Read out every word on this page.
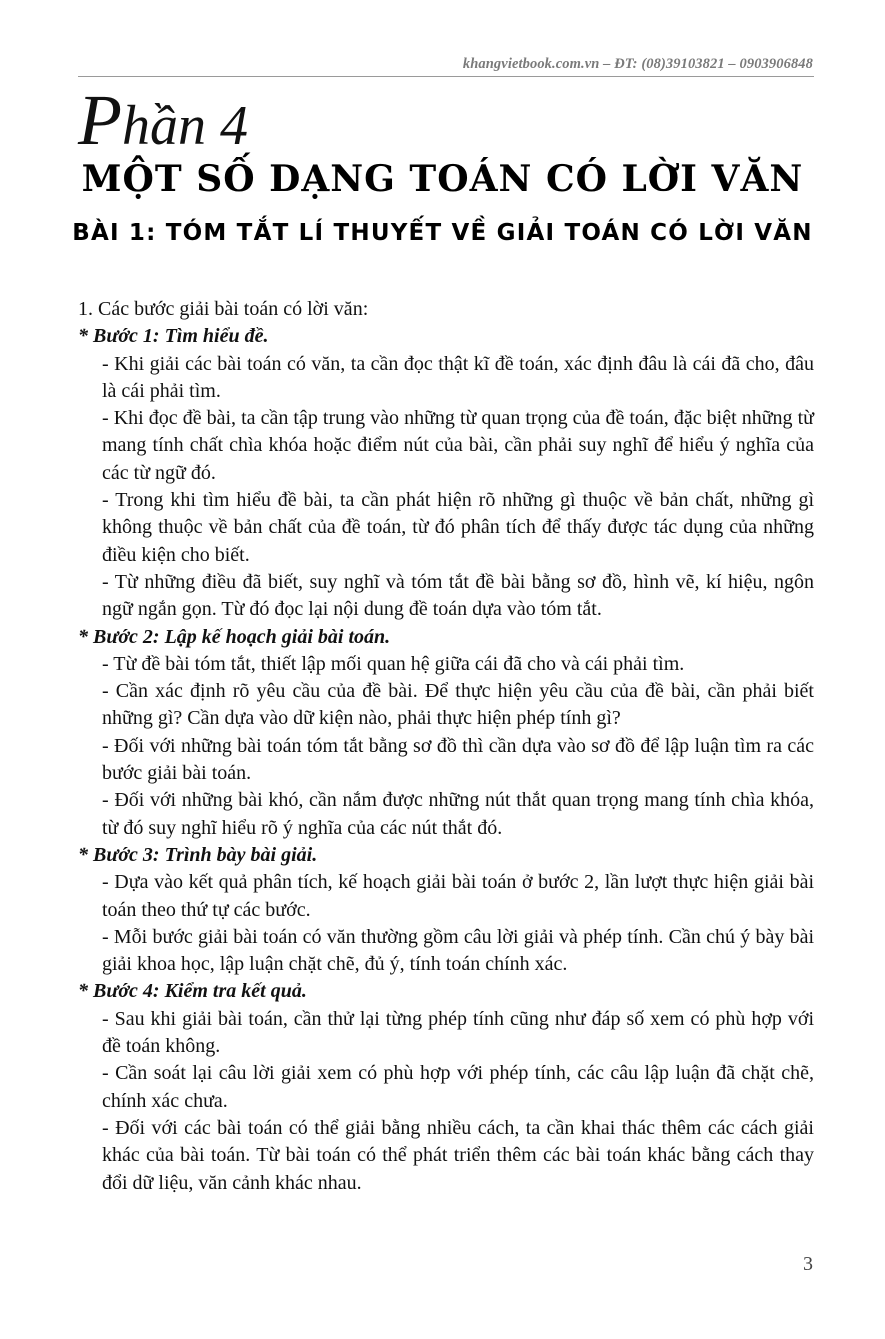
khangvietbook.com.vn – ĐT: (08)39103821 – 0903906848
Phần 4
MỘT SỐ DẠNG TOÁN CÓ LỜI VĂN
BÀI 1: TÓM TẮT LÍ THUYẾT VỀ GIẢI TOÁN CÓ LỜI VĂN

1. Các bước giải bài toán có lời văn:

* Bước 1: Tìm hiểu đề.

- Khi giải các bài toán có văn, ta cần đọc thật kĩ đề toán, xác định đâu là cái đã cho, đâu là cái phải tìm.

- Khi đọc đề bài, ta cần tập trung vào những từ quan trọng của đề toán, đặc biệt những từ mang tính chất chìa khóa hoặc điểm nút của bài, cần phải suy nghĩ để hiểu ý nghĩa của các từ ngữ đó.

- Trong khi tìm hiểu đề bài, ta cần phát hiện rõ những gì thuộc về bản chất, những gì không thuộc về bản chất của đề toán, từ đó phân tích để thấy được tác dụng của những điều kiện cho biết.

- Từ những điều đã biết, suy nghĩ và tóm tắt đề bài bằng sơ đồ, hình vẽ, kí hiệu, ngôn ngữ ngắn gọn. Từ đó đọc lại nội dung đề toán dựa vào tóm tắt.

* Bước 2: Lập kế hoạch giải bài toán.

- Từ đề bài tóm tắt, thiết lập mối quan hệ giữa cái đã cho và cái phải tìm.

- Cần xác định rõ yêu cầu của đề bài. Để thực hiện yêu cầu của đề bài, cần phải biết những gì? Cần dựa vào dữ kiện nào, phải thực hiện phép tính gì?

- Đối với những bài toán tóm tắt bằng sơ đồ thì cần dựa vào sơ đồ để lập luận tìm ra các bước giải bài toán.

- Đối với những bài khó, cần nắm được những nút thắt quan trọng mang tính chìa khóa, từ đó suy nghĩ hiểu rõ ý nghĩa của các nút thắt đó.

* Bước 3: Trình bày bài giải.

- Dựa vào kết quả phân tích, kế hoạch giải bài toán ở bước 2, lần lượt thực hiện giải bài toán theo thứ tự các bước.

- Mỗi bước giải bài toán có văn thường gồm câu lời giải và phép tính. Cần chú ý bày bài giải khoa học, lập luận chặt chẽ, đủ ý, tính toán chính xác.

* Bước 4: Kiểm tra kết quả.

- Sau khi giải bài toán, cần thử lại từng phép tính cũng như đáp số xem có phù hợp với đề toán không.

- Cần soát lại câu lời giải xem có phù hợp với phép tính, các câu lập luận đã chặt chẽ, chính xác chưa.

- Đối với các bài toán có thể giải bằng nhiều cách, ta cần khai thác thêm các cách giải khác của bài toán. Từ bài toán có thể phát triển thêm các bài toán khác bằng cách thay đổi dữ liệu, văn cảnh khác nhau.

3
